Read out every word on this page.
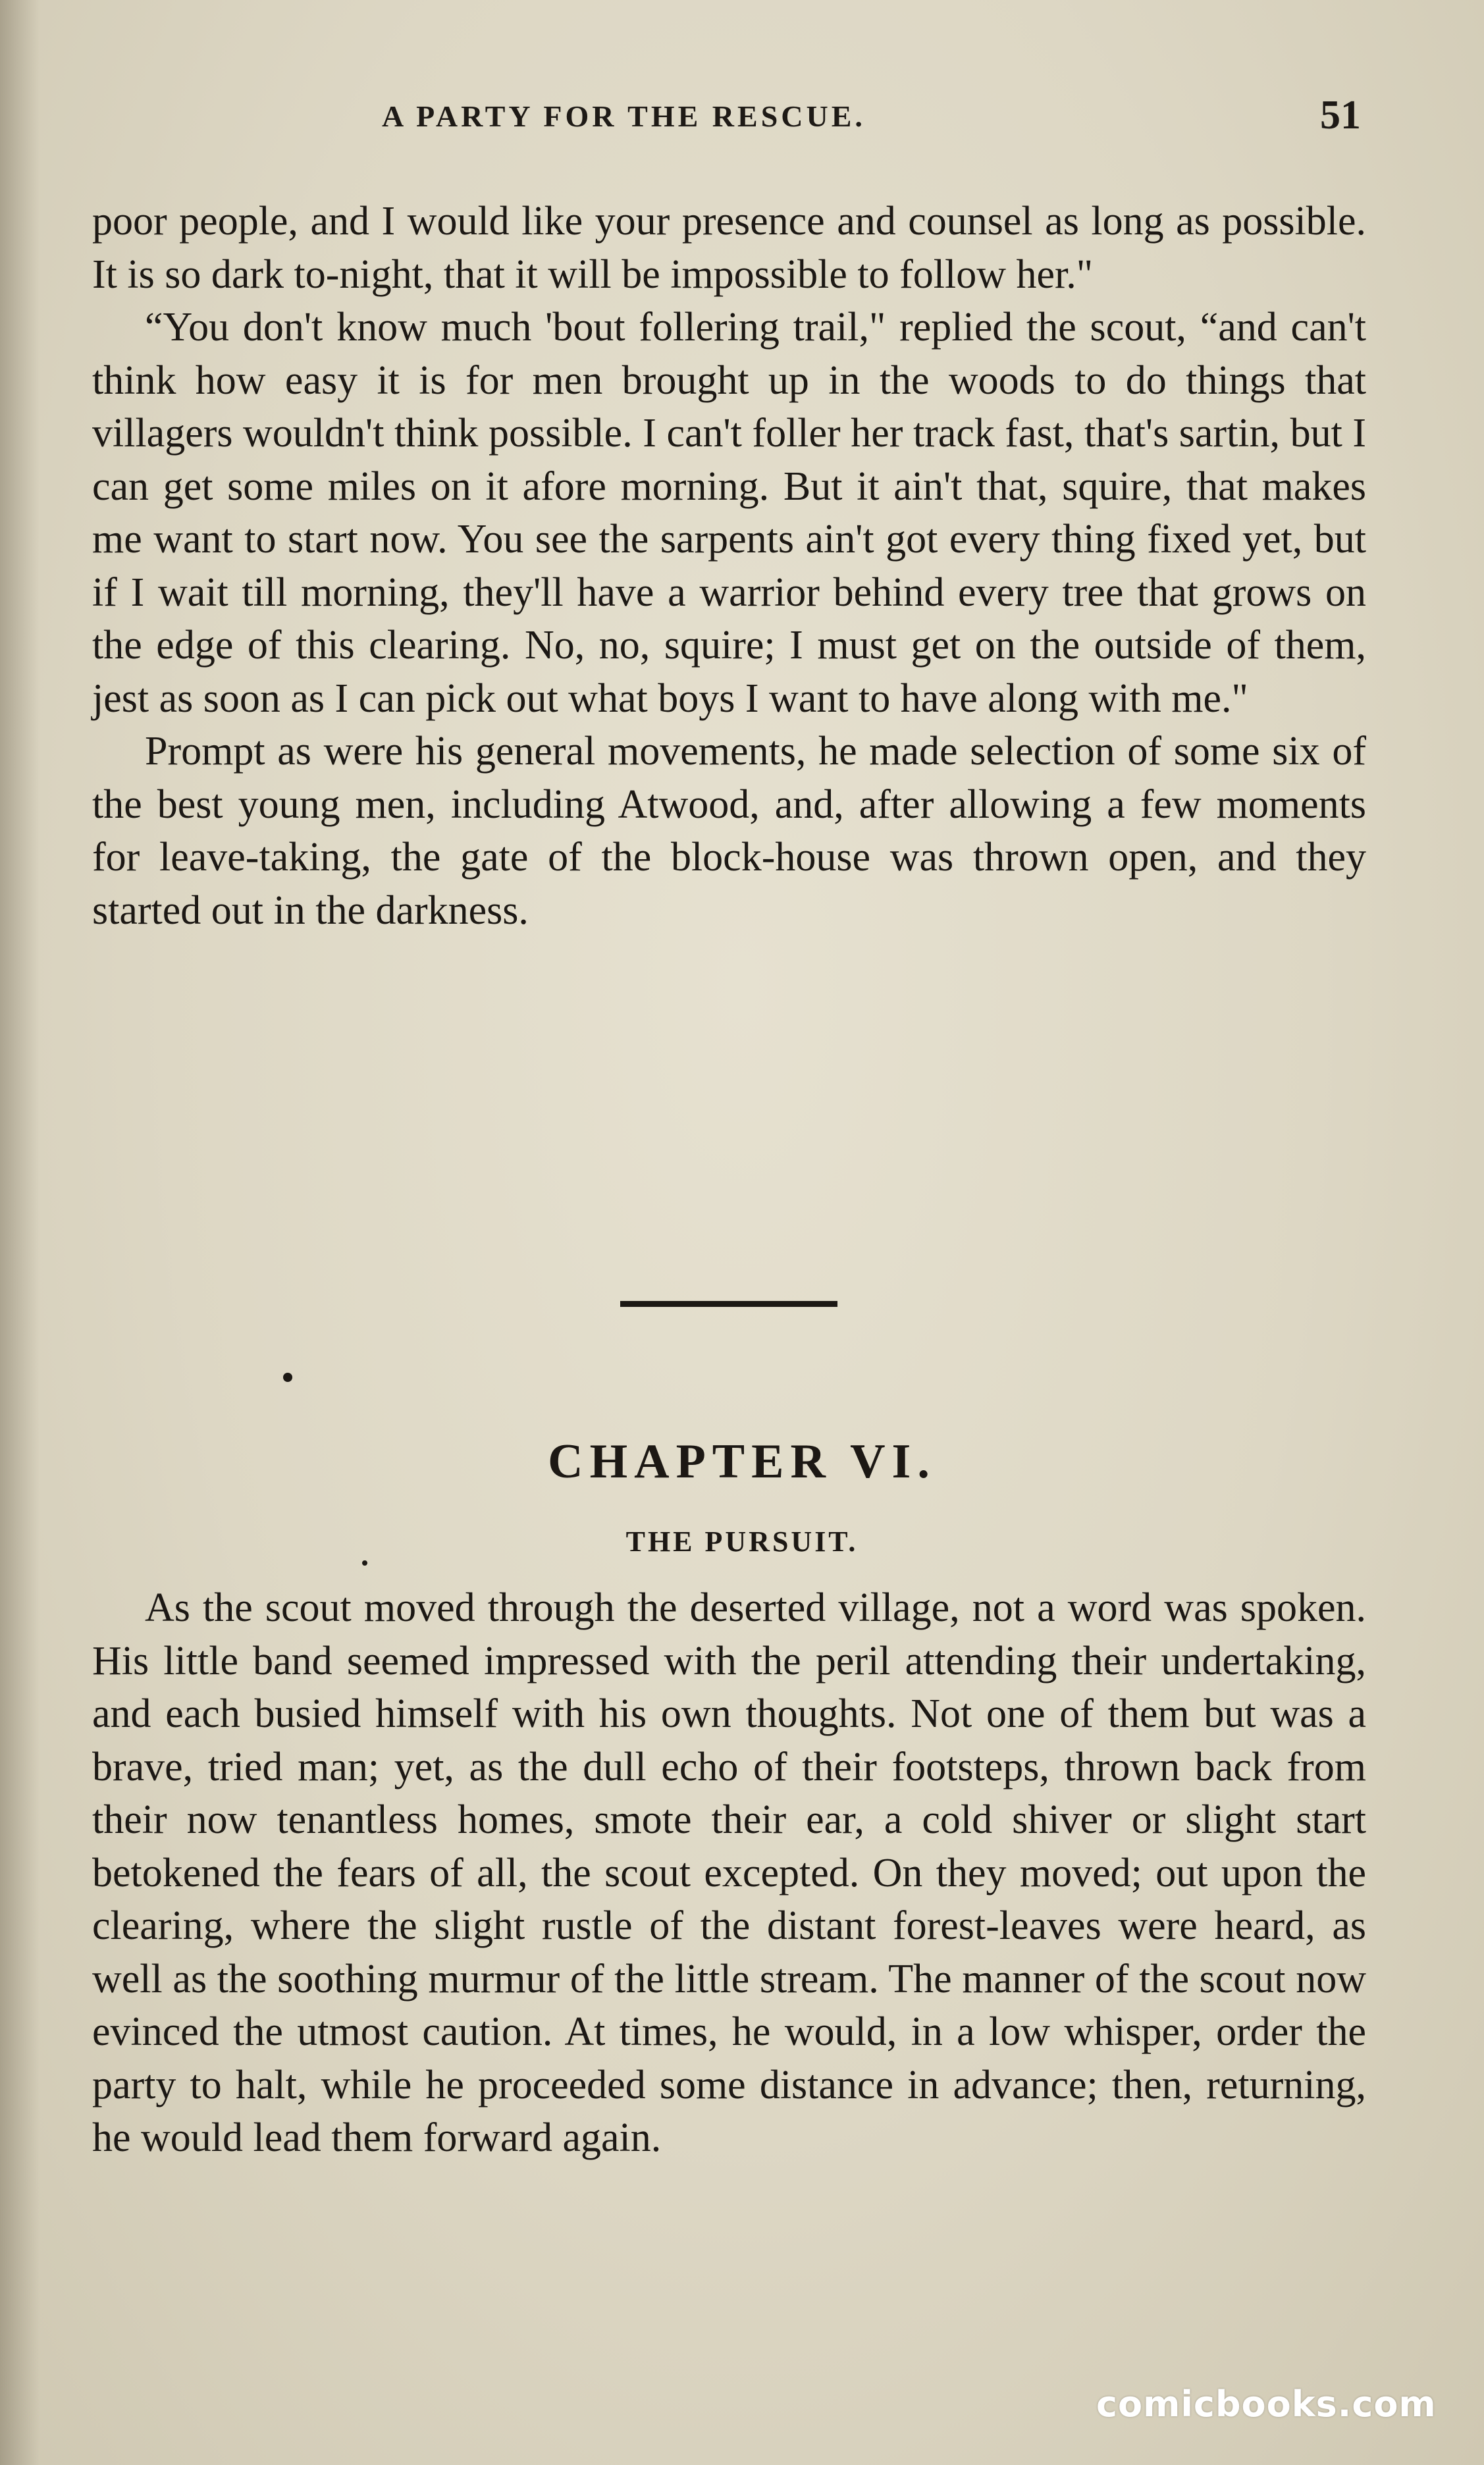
A PARTY FOR THE RESCUE.	51

poor people, and I would like your presence and counsel as long as possible. It is so dark to-night, that it will be impossible to follow her."

“You don't know much 'bout follering trail," replied the scout, “and can't think how easy it is for men brought up in the woods to do things that villagers wouldn't think possible. I can't foller her track fast, that's sartin, but I can get some miles on it afore morning. But it ain't that, squire, that makes me want to start now. You see the sarpents ain't got every thing fixed yet, but if I wait till morning, they'll have a warrior behind every tree that grows on the edge of this clearing. No, no, squire; I must get on the outside of them, jest as soon as I can pick out what boys I want to have along with me."

Prompt as were his general movements, he made selection of some six of the best young men, including Atwood, and, after allowing a few moments for leave-taking, the gate of the block-house was thrown open, and they started out in the darkness.

CHAPTER VI.
THE PURSUIT.

As the scout moved through the deserted village, not a word was spoken. His little band seemed impressed with the peril attending their undertaking, and each busied himself with his own thoughts. Not one of them but was a brave, tried man; yet, as the dull echo of their footsteps, thrown back from their now tenantless homes, smote their ear, a cold shiver or slight start betokened the fears of all, the scout excepted. On they moved; out upon the clearing, where the slight rustle of the distant forest-leaves were heard, as well as the soothing murmur of the little stream. The manner of the scout now evinced the utmost caution. At times, he would, in a low whisper, order the party to halt, while he proceeded some distance in advance; then, returning, he would lead them forward again.

comicbooks.com
